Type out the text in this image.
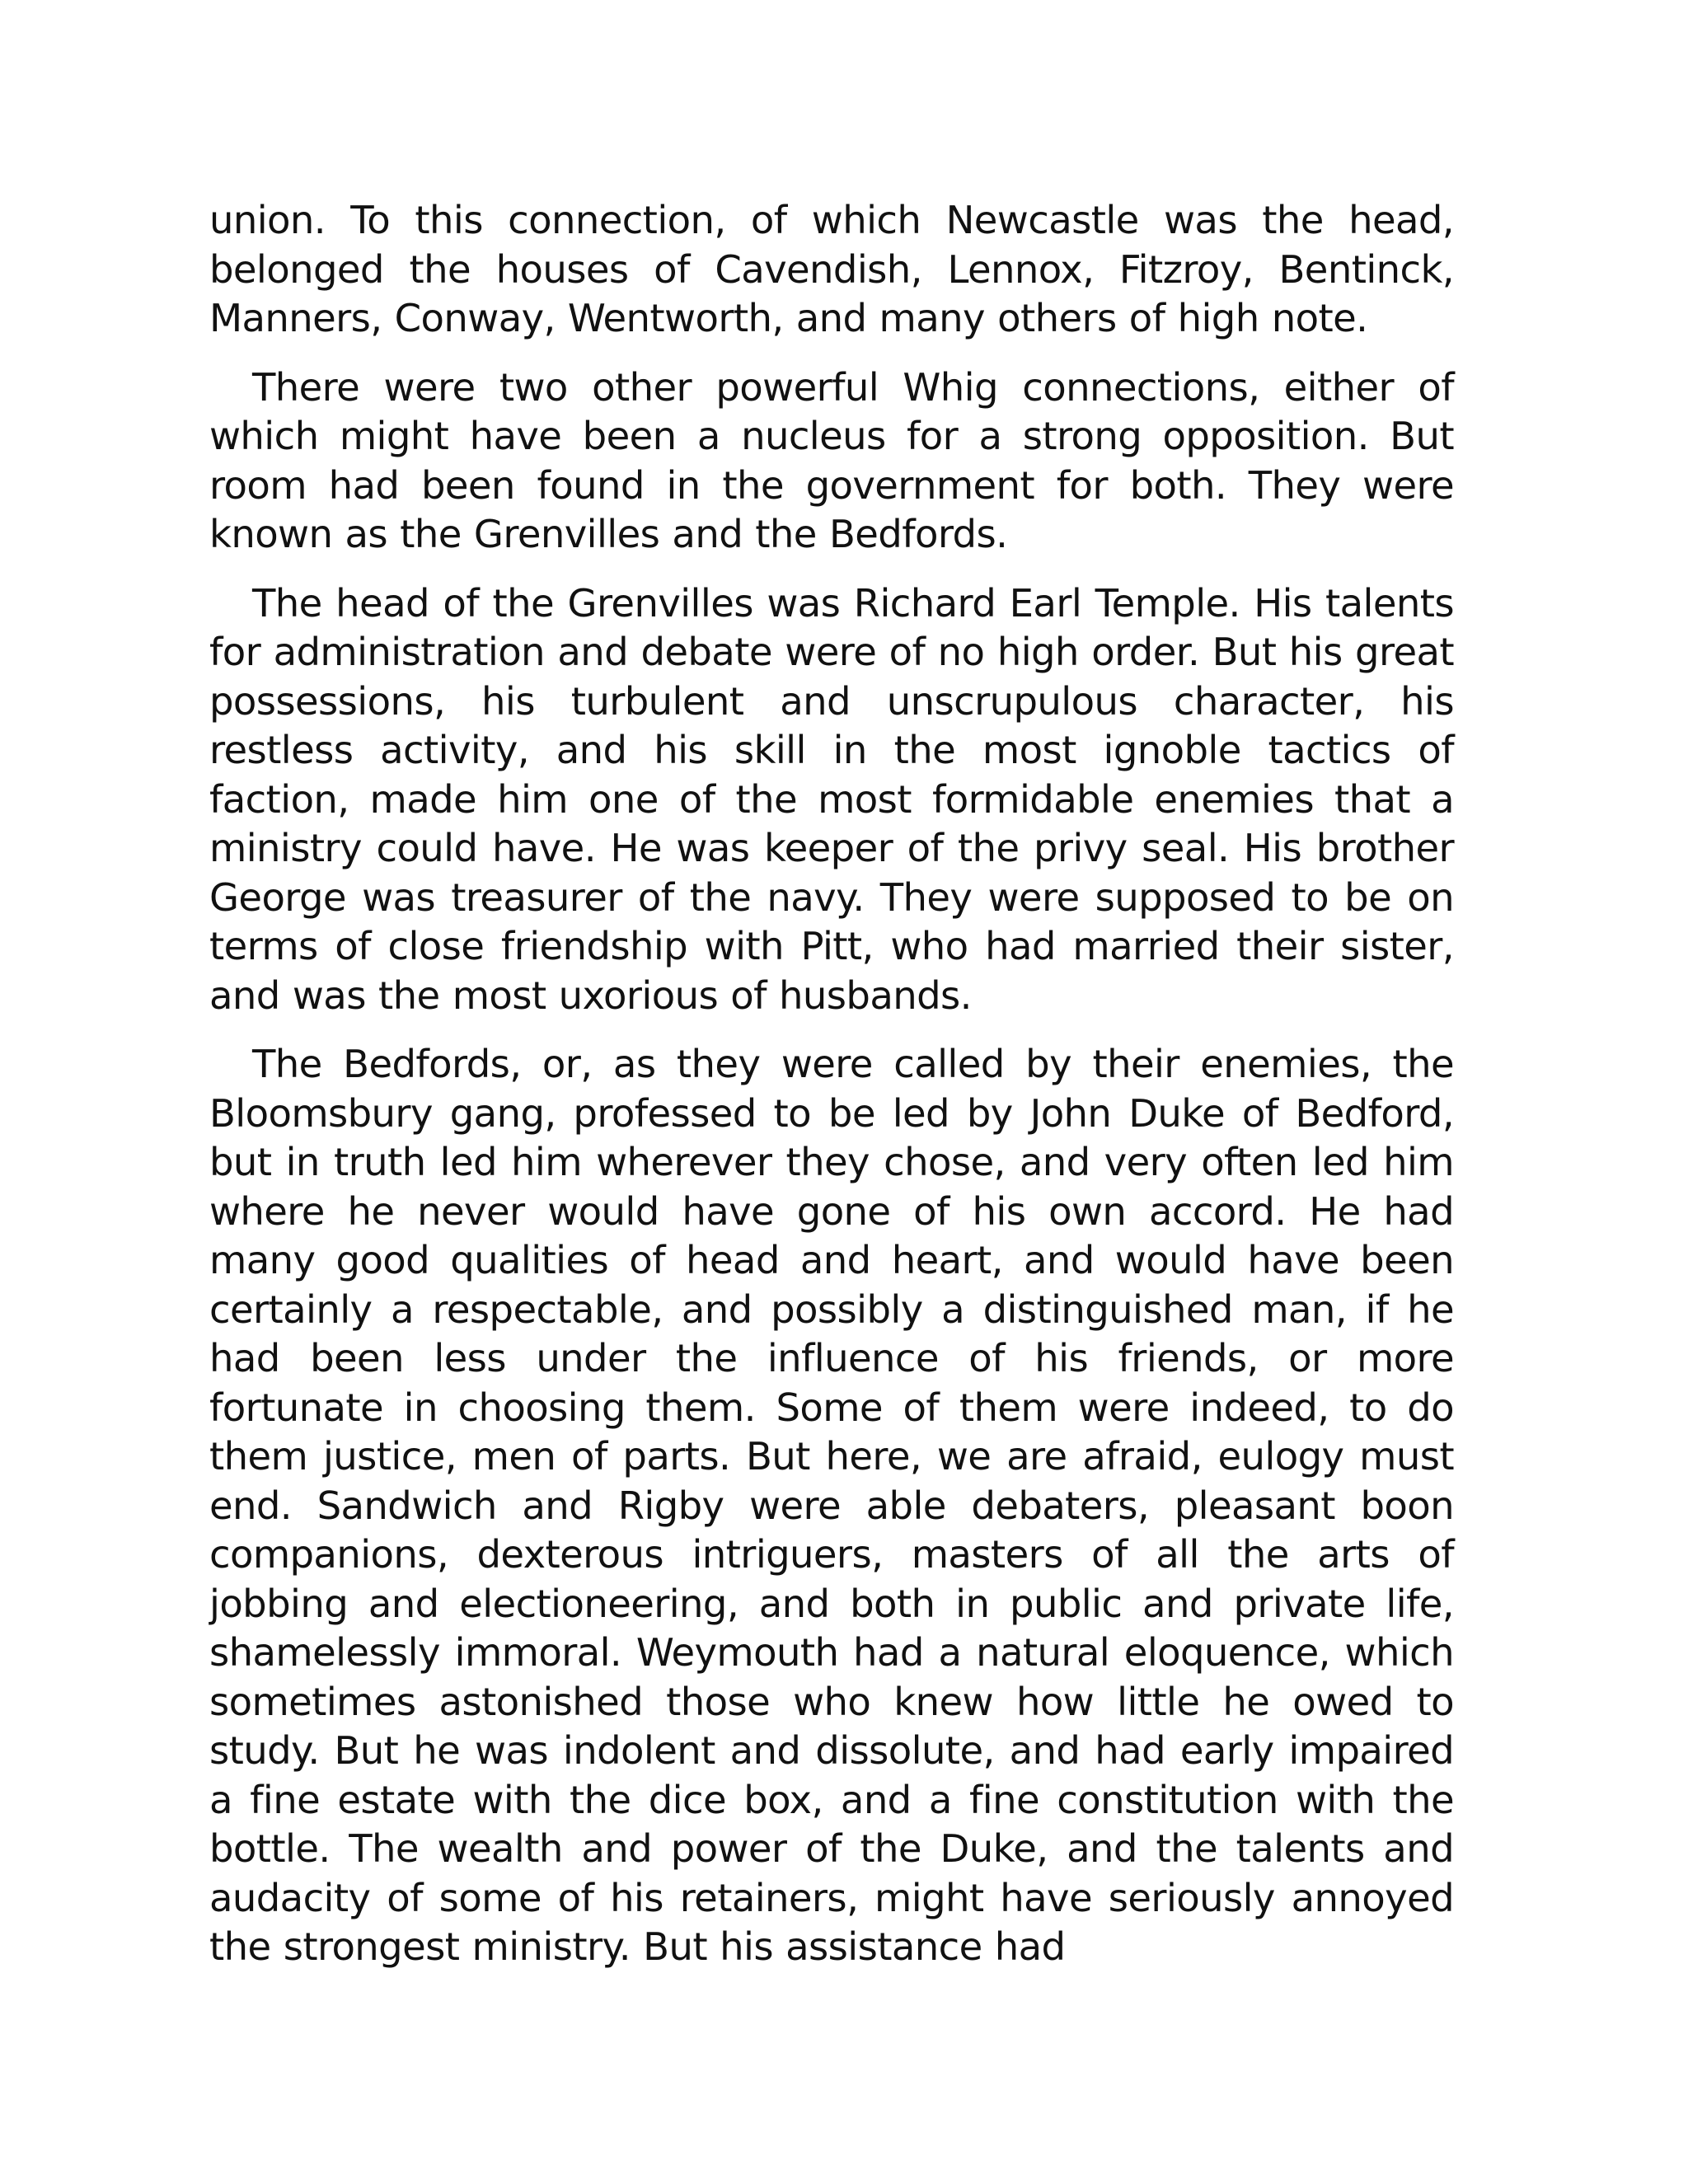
union. To this connection, of which Newcastle was the head, belonged the houses of Cavendish, Lennox, Fitzroy, Bentinck, Manners, Conway, Wentworth, and many others of high note.

There were two other powerful Whig connections, either of which might have been a nucleus for a strong opposition. But room had been found in the government for both. They were known as the Grenvilles and the Bedfords.

The head of the Grenvilles was Richard Earl Temple. His talents for administration and debate were of no high order. But his great possessions, his turbulent and unscrupulous character, his restless activity, and his skill in the most ignoble tactics of faction, made him one of the most formidable enemies that a ministry could have. He was keeper of the privy seal. His brother George was treasurer of the navy. They were supposed to be on terms of close friendship with Pitt, who had married their sister, and was the most uxorious of husbands.

The Bedfords, or, as they were called by their enemies, the Bloomsbury gang, professed to be led by John Duke of Bedford, but in truth led him wherever they chose, and very often led him where he never would have gone of his own accord. He had many good qualities of head and heart, and would have been certainly a respectable, and possibly a distinguished man, if he had been less under the influence of his friends, or more fortunate in choosing them. Some of them were indeed, to do them justice, men of parts. But here, we are afraid, eulogy must end. Sandwich and Rigby were able debaters, pleasant boon companions, dexterous intriguers, masters of all the arts of jobbing and electioneering, and both in public and private life, shamelessly immoral. Weymouth had a natural eloquence, which sometimes astonished those who knew how little he owed to study. But he was indolent and dissolute, and had early impaired a fine estate with the dice box, and a fine constitution with the bottle. The wealth and power of the Duke, and the talents and audacity of some of his retainers, might have seriously annoyed the strongest ministry. But his assistance had
